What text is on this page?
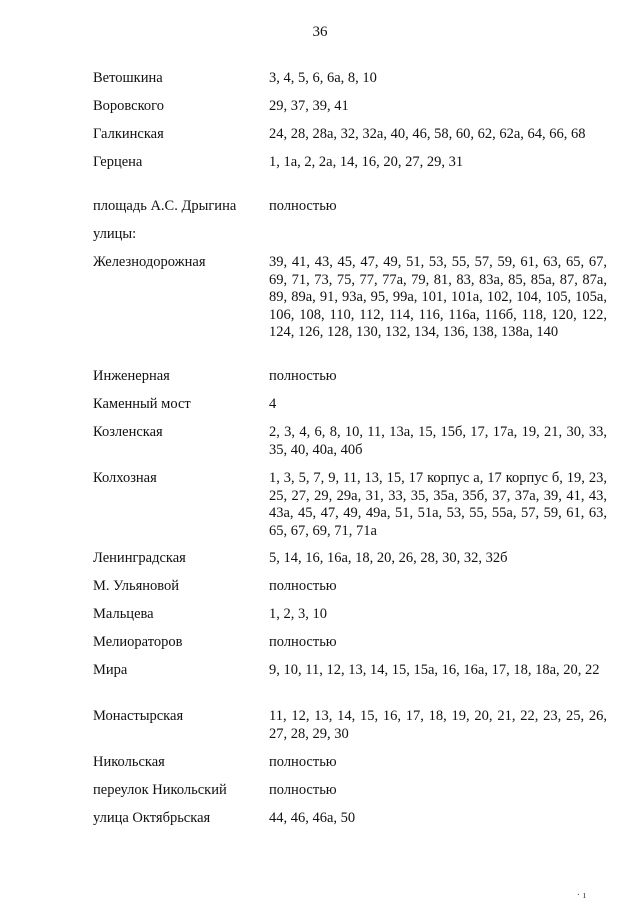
36
Ветошкина	3, 4, 5, 6, 6а, 8, 10
Воровского	29, 37, 39, 41
Галкинская	24, 28, 28а, 32, 32а, 40, 46, 58, 60, 62, 62а, 64, 66, 68
Герцена	1, 1а, 2, 2а, 14, 16, 20, 27, 29, 31
площадь А.С. Дрыгина	полностью
улицы:
Железнодорожная	39, 41, 43, 45, 47, 49, 51, 53, 55, 57, 59, 61, 63, 65, 67, 69, 71, 73, 75, 77, 77а, 79, 81, 83, 83а, 85, 85а, 87, 87а, 89, 89а, 91, 93а, 95, 99а, 101, 101а, 102, 104, 105, 105а, 106, 108, 110, 112, 114, 116, 116а, 116б, 118, 120, 122, 124, 126, 128, 130, 132, 134, 136, 138, 138а, 140
Инженерная	полностью
Каменный мост	4
Козленская	2, 3, 4, 6, 8, 10, 11, 13а, 15, 15б, 17, 17а, 19, 21, 30, 33, 35, 40, 40а, 40б
Колхозная	1, 3, 5, 7, 9, 11, 13, 15, 17 корпус а, 17 корпус б, 19, 23, 25, 27, 29, 29а, 31, 33, 35, 35а, 35б, 37, 37а, 39, 41, 43, 43а, 45, 47, 49, 49а, 51, 51а, 53, 55, 55а, 57, 59, 61, 63, 65, 67, 69, 71, 71а
Ленинградская	5, 14, 16, 16а, 18, 20, 26, 28, 30, 32, 32б
М. Ульяновой	полностью
Мальцева	1, 2, 3, 10
Мелиораторов	полностью
Мира	9, 10, 11, 12, 13, 14, 15, 15а, 16, 16а, 17, 18, 18а, 20, 22
Монастырская	11, 12, 13, 14, 15, 16, 17, 18, 19, 20, 21, 22, 23, 25, 26, 27, 28, 29, 30
Никольская	полностью
переулок Никольский	полностью
улица Октябрьская	44, 46, 46а, 50
· ı
